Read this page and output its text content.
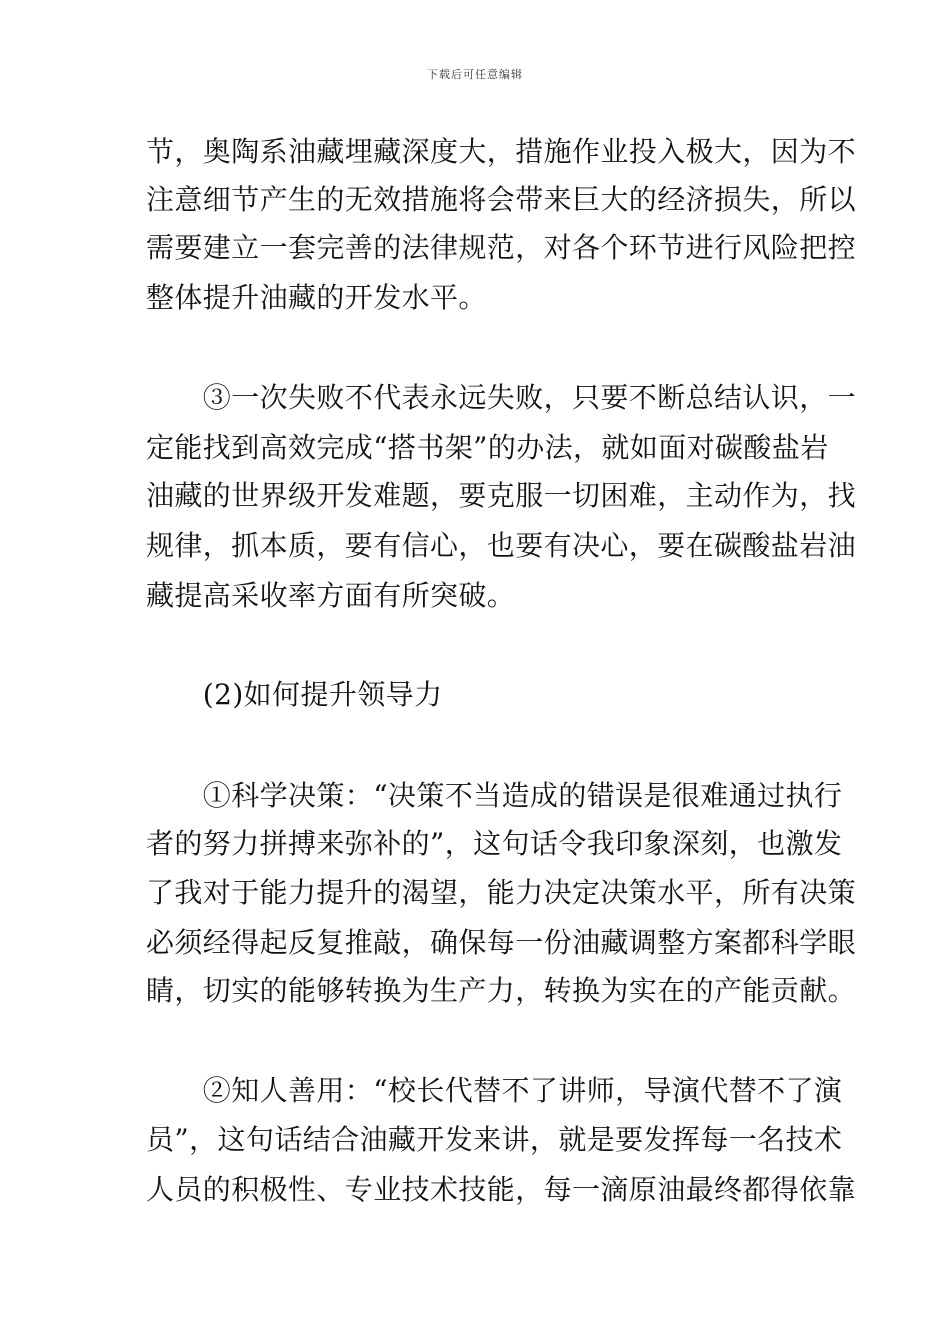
下载后可任意编辑
节，奥陶系油藏埋藏深度大，措施作业投入极大，因为不
注意细节产生的无效措施将会带来巨大的经济损失，所以
需要建立一套完善的法律规范，对各个环节进行风险把控
整体提升油藏的开发水平。
　　③一次失败不代表永远失败，只要不断总结认识，一
定能找到高效完成“搭书架”的办法，就如面对碳酸盐岩
油藏的世界级开发难题，要克服一切困难，主动作为，找
规律，抓本质，要有信心，也要有决心，要在碳酸盐岩油
藏提高采收率方面有所突破。
　　(2)如何提升领导力
　　①科学决策：“决策不当造成的错误是很难通过执行
者的努力拼搏来弥补的”，这句话令我印象深刻，也激发
了我对于能力提升的渴望，能力决定决策水平，所有决策
必须经得起反复推敲，确保每一份油藏调整方案都科学眼
睛，切实的能够转换为生产力，转换为实在的产能贡献。
　　②知人善用：“校长代替不了讲师，导演代替不了演
员”，这句话结合油藏开发来讲，就是要发挥每一名技术
人员的积极性、专业技术技能，每一滴原油最终都得依靠
